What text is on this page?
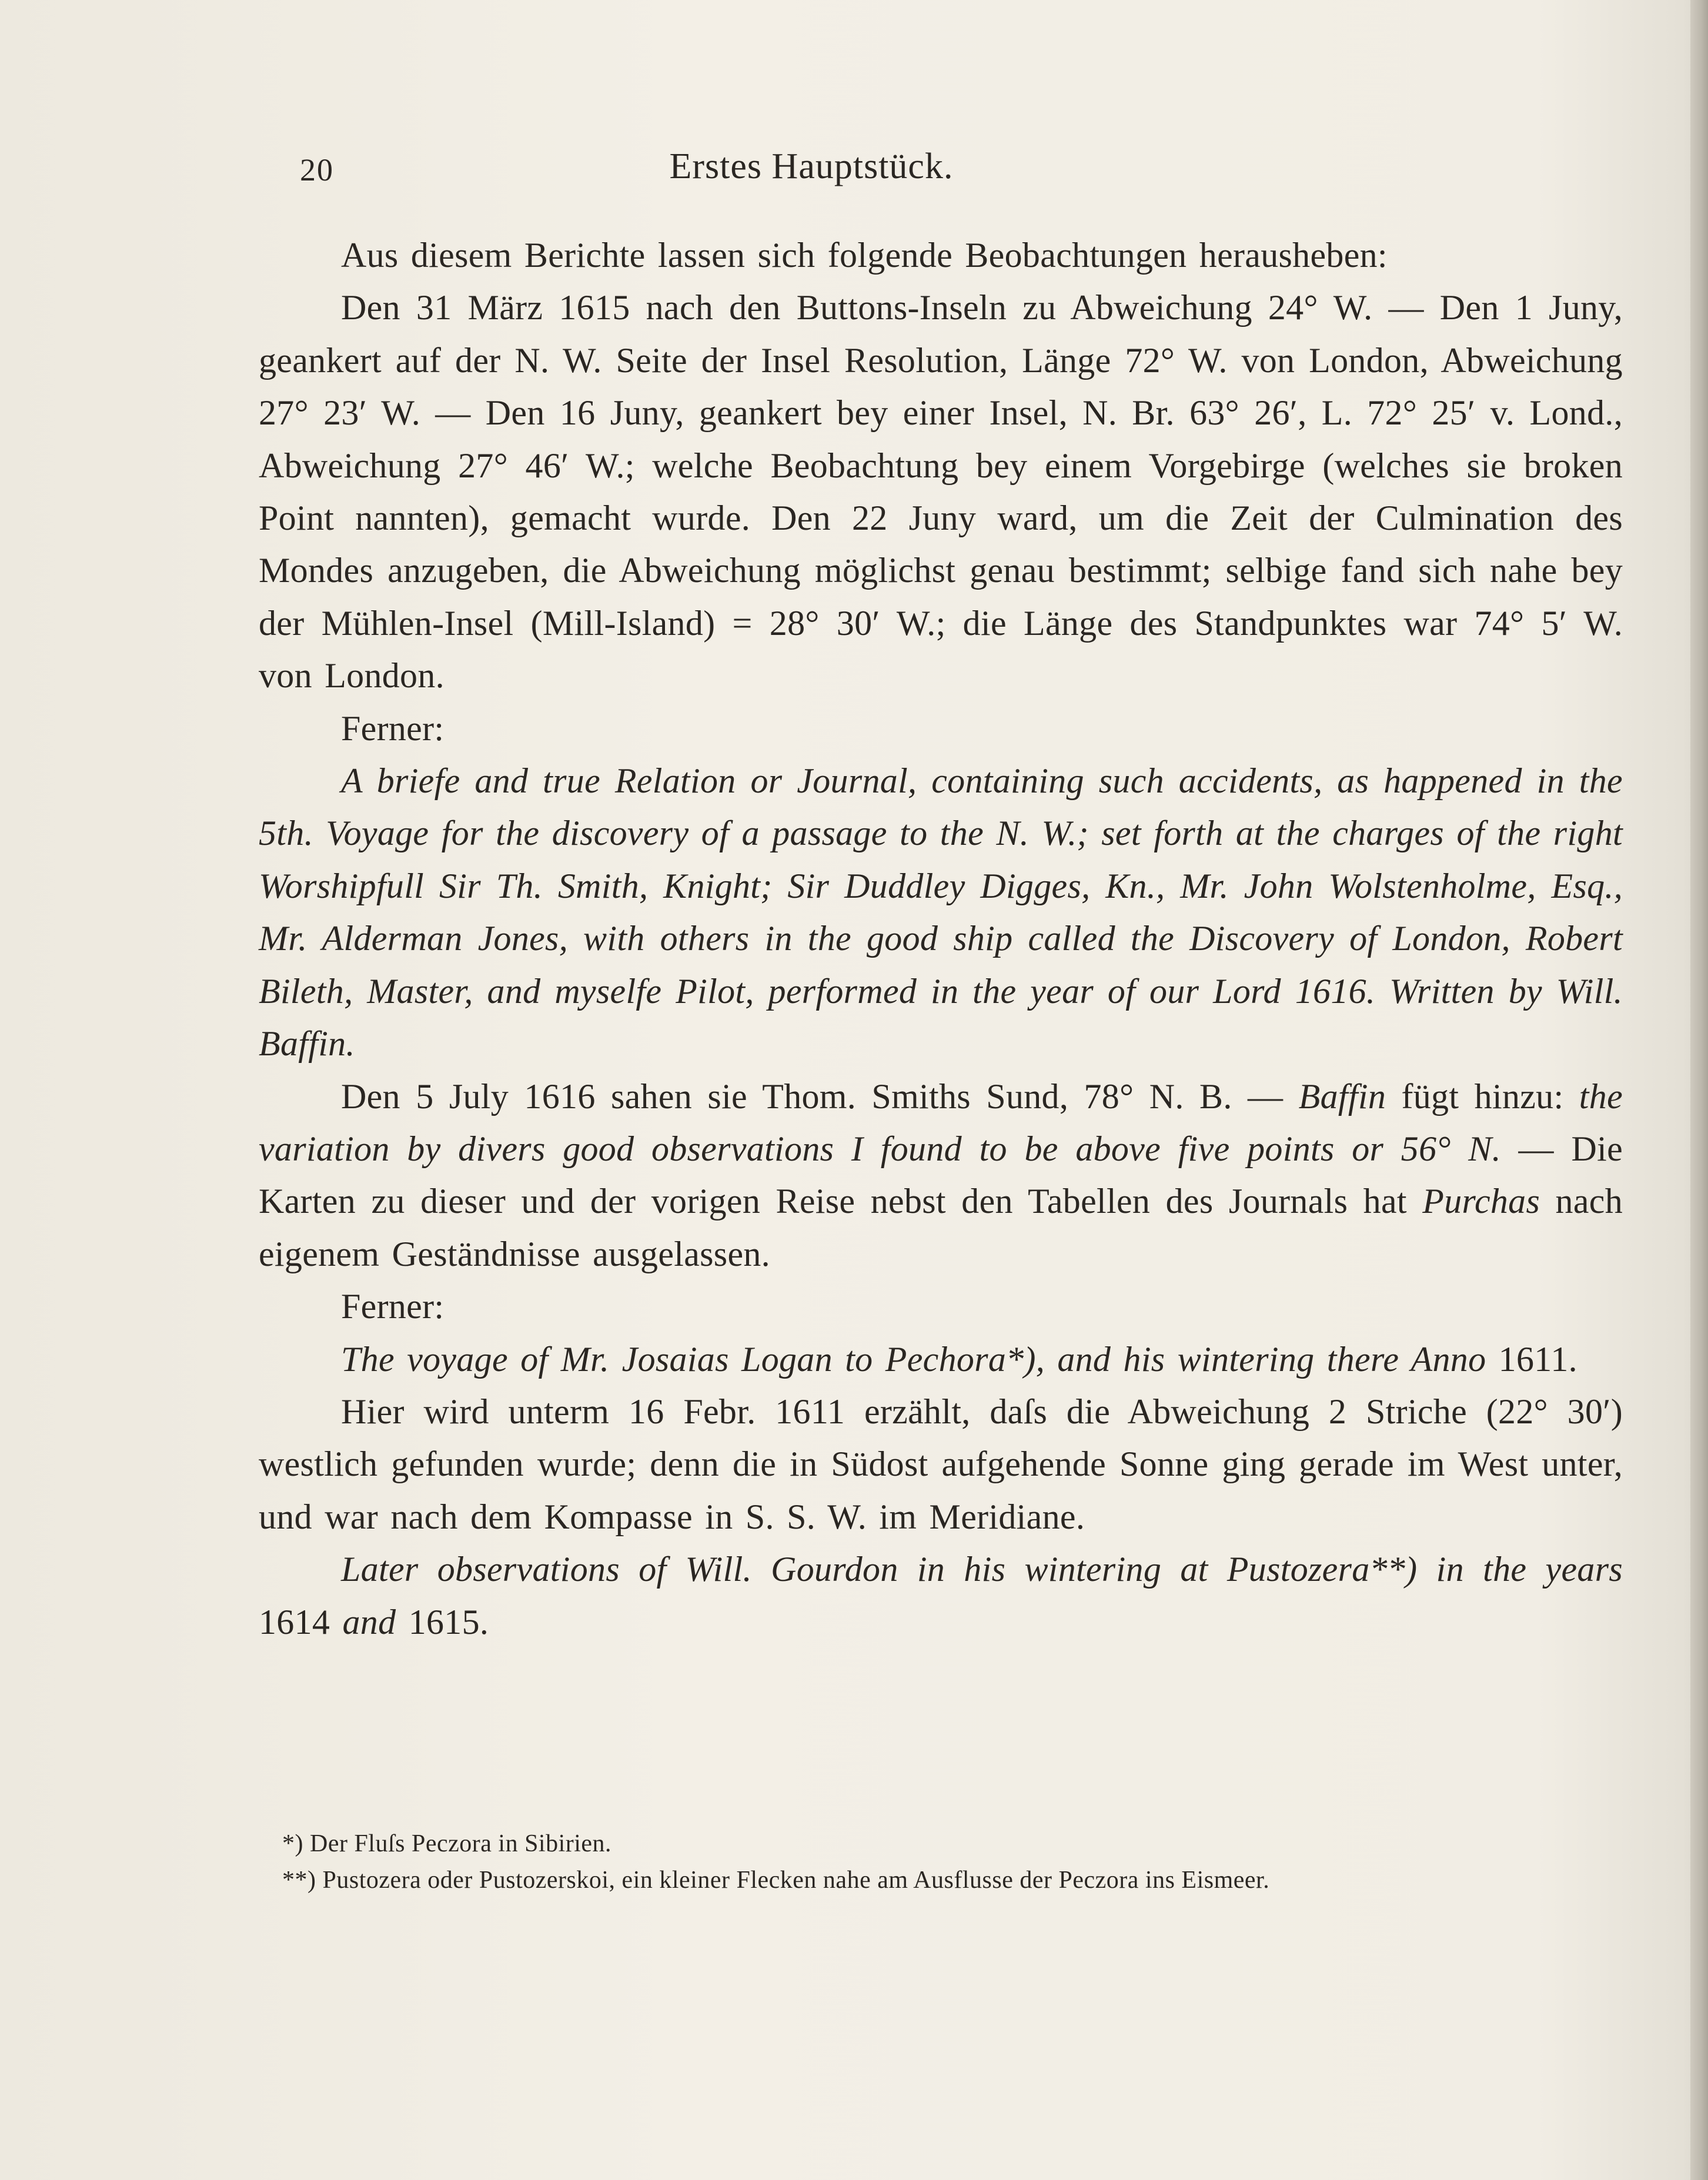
20	Erstes Hauptstück.

Aus diesem Berichte lassen sich folgende Beobachtungen herausheben:

Den 31 März 1615 nach den Buttons-Inseln zu Abweichung 24° W. — Den 1 Juny, geankert auf der N. W. Seite der Insel Resolution, Länge 72° W. von London, Abweichung 27° 23′ W. — Den 16 Juny, geankert bey einer Insel, N. Br. 63° 26′, L. 72° 25′ v. Lond., Abweichung 27° 46′ W.; welche Beobachtung bey einem Vorgebirge (welches sie broken Point nannten), gemacht wurde. Den 22 Juny ward, um die Zeit der Culmination des Mondes anzugeben, die Abweichung möglichst genau bestimmt; selbige fand sich nahe bey der Mühlen-Insel (Mill-Island) = 28° 30′ W.; die Länge des Standpunktes war 74° 5′ W. von London.

Ferner:

A briefe and true Relation or Journal, containing such accidents, as happened in the 5th. Voyage for the discovery of a passage to the N. W.; set forth at the charges of the right Worshipfull Sir Th. Smith, Knight; Sir Duddley Digges, Kn., Mr. John Wolstenholme, Esq., Mr. Alderman Jones, with others in the good ship called the Discovery of London, Robert Bileth, Master, and myselfe Pilot, performed in the year of our Lord 1616. Written by Will. Baffin.

Den 5 July 1616 sahen sie Thom. Smiths Sund, 78° N. B. — Baffin fügt hinzu: the variation by divers good observations I found to be above five points or 56° N. — Die Karten zu dieser und der vorigen Reise nebst den Tabellen des Journals hat Purchas nach eigenem Geständnisse ausgelassen.

Ferner:

The voyage of Mr. Josaias Logan to Pechora*), and his wintering there Anno 1611.

Hier wird unterm 16 Febr. 1611 erzählt, daſs die Abweichung 2 Striche (22° 30′) westlich gefunden wurde; denn die in Südost aufgehende Sonne ging gerade im West unter, und war nach dem Kompasse in S. S. W. im Meridiane.

Later observations of Will. Gourdon in his wintering at Pustozera**) in the years 1614 and 1615.

*) Der Fluſs Peczora in Sibirien.

**) Pustozera oder Pustozerskoi, ein kleiner Flecken nahe am Ausflusse der Peczora ins Eismeer.
